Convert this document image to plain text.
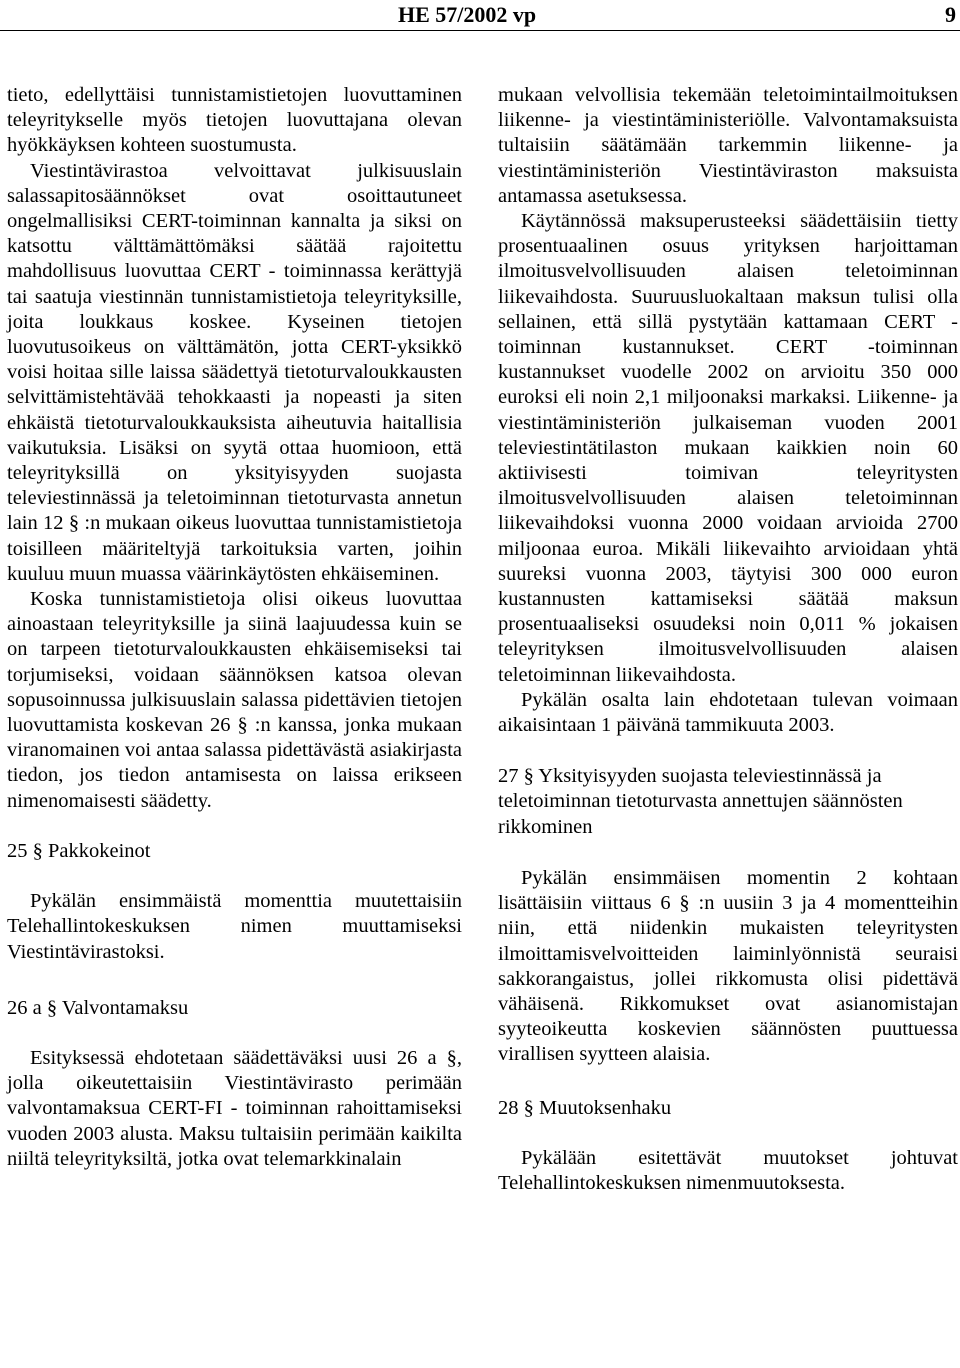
HE 57/2002 vp	9

tieto, edellyttäisi tunnistamistietojen luovuttaminen teleyritykselle myös tietojen luovuttajana olevan hyökkäyksen kohteen suostumusta.

Viestintävirastoa velvoittavat julkisuuslain salassapitosäännökset ovat osoittautuneet ongelmallisiksi CERT-toiminnan kannalta ja siksi on katsottu välttämättömäksi säätää rajoitettu mahdollisuus luovuttaa CERT - toiminnassa kerättyjä tai saatuja viestinnän tunnistamistietoja teleyrityksille, joita loukkaus koskee. Kyseinen tietojen luovutusoikeus on välttämätön, jotta CERT-yksikkö voisi hoitaa sille laissa säädettyä tietoturvaloukkausten selvittämistehtävää tehokkaasti ja nopeasti ja siten ehkäistä tietoturvaloukkauksista aiheutuvia haitallisia vaikutuksia. Lisäksi on syytä ottaa huomioon, että teleyrityksillä on yksityisyyden suojasta televiestinnässä ja teletoiminnan tietoturvasta annetun lain 12 § :n mukaan oikeus luovuttaa tunnistamistietoja toisilleen määriteltyjä tarkoituksia varten, joihin kuuluu muun muassa väärinkäytösten ehkäiseminen.

Koska tunnistamistietoja olisi oikeus luovuttaa ainoastaan teleyrityksille ja siinä laajuudessa kuin se on tarpeen tietoturvaloukkausten ehkäisemiseksi tai torjumiseksi, voidaan säännöksen katsoa olevan sopusoinnussa julkisuuslain salassa pidettävien tietojen luovuttamista koskevan 26 § :n kanssa, jonka mukaan viranomainen voi antaa salassa pidettävästä asiakirjasta tiedon, jos tiedon antamisesta on laissa erikseen nimenomaisesti säädetty.

25 § Pakkokeinot

Pykälän ensimmäistä momenttia muutettaisiin Telehallintokeskuksen nimen muuttamiseksi Viestintävirastoksi.

26 a § Valvontamaksu

Esityksessä ehdotetaan säädettäväksi uusi 26 a §, jolla oikeutettaisiin Viestintävirasto perimään valvontamaksua CERT-FI - toiminnan rahoittamiseksi vuoden 2003 alusta. Maksu tultaisiin perimään kaikilta niiltä teleyrityksiltä, jotka ovat telemarkkinalain

mukaan velvollisia tekemään teletoimintailmoituksen liikenne- ja viestintäministeriölle. Valvontamaksuista tultaisiin säätämään tarkemmin liikenne- ja viestintäministeriön Viestintäviraston maksuista antamassa asetuksessa.

Käytännössä maksuperusteeksi säädettäisiin tietty prosentuaalinen osuus yrityksen harjoittaman ilmoitusvelvollisuuden alaisen teletoiminnan liikevaihdosta. Suuruusluokaltaan maksun tulisi olla sellainen, että sillä pystytään kattamaan CERT -toiminnan kustannukset. CERT -toiminnan kustannukset vuodelle 2002 on arvioitu 350 000 euroksi eli noin 2,1 miljoonaksi markaksi. Liikenne- ja viestintäministeriön julkaiseman vuoden 2001 televiestintätilaston mukaan kaikkien noin 60 aktiivisesti toimivan teleyritysten ilmoitusvelvollisuuden alaisen teletoiminnan liikevaihdoksi vuonna 2000 voidaan arvioida 2700 miljoonaa euroa. Mikäli liikevaihto arvioidaan yhtä suureksi vuonna 2003, täytyisi 300 000 euron kustannusten kattamiseksi säätää maksun prosentuaaliseksi osuudeksi noin 0,011 % jokaisen teleyrityksen ilmoitusvelvollisuuden alaisen teletoiminnan liikevaihdosta.

Pykälän osalta lain ehdotetaan tulevan voimaan aikaisintaan 1 päivänä tammikuuta 2003.

27 § Yksityisyyden suojasta televiestinnässä ja teletoiminnan tietoturvasta annettujen säännösten rikkominen

Pykälän ensimmäisen momentin 2 kohtaan lisättäisiin viittaus 6 § :n uusiin 3 ja 4 momentteihin niin, että niidenkin mukaisten teleyritysten ilmoittamisvelvoitteiden laiminlyönnistä seuraisi sakkorangaistus, jollei rikkomusta olisi pidettävä vähäisenä. Rikkomukset ovat asianomistajan syyteoikeutta koskevien säännösten puuttuessa virallisen syytteen alaisia.

28 § Muutoksenhaku

Pykälään esitettävät muutokset johtuvat Telehallintokeskuksen nimenmuutoksesta.
